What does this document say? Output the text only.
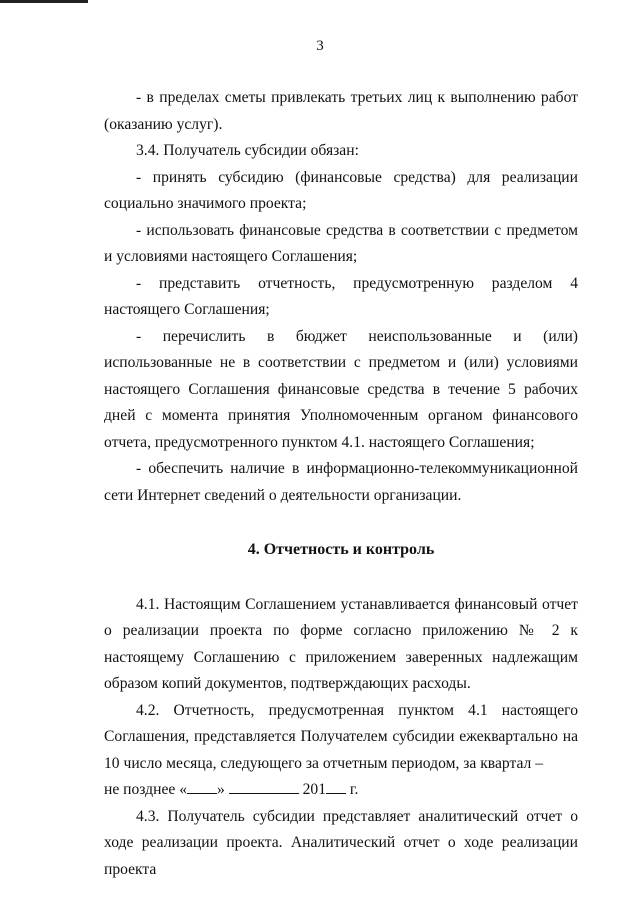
3

- в пределах сметы привлекать третьих лиц к выполнению работ (оказанию услуг).

3.4. Получатель субсидии обязан:

- принять субсидию (финансовые средства) для реализации социально значимого проекта;

- использовать финансовые средства в соответствии с предметом и условиями настоящего Соглашения;

- представить отчетность, предусмотренную разделом 4 настоящего Соглашения;

- перечислить в бюджет неиспользованные и (или) использованные не в соответствии с предметом и (или) условиями настоящего Соглашения финансовые средства в течение 5 рабочих дней с момента принятия Уполномоченным органом финансового отчета, предусмотренного пунктом 4.1. настоящего Соглашения;

- обеспечить наличие в информационно-телекоммуникационной сети Интернет сведений о деятельности организации.

4. Отчетность и контроль

4.1. Настоящим Соглашением устанавливается финансовый отчет о реализации проекта по форме согласно приложению № 2 к настоящему Соглашению с приложением заверенных надлежащим образом копий документов, подтверждающих расходы.

4.2. Отчетность, предусмотренная пунктом 4.1 настоящего Соглашения, представляется Получателем субсидии ежеквартально на 10 число месяца, следующего за отчетным периодом, за квартал –

не позднее « »	201 г.

4.3. Получатель субсидии представляет аналитический отчет о ходе реализации проекта. Аналитический отчет о ходе реализации проекта
